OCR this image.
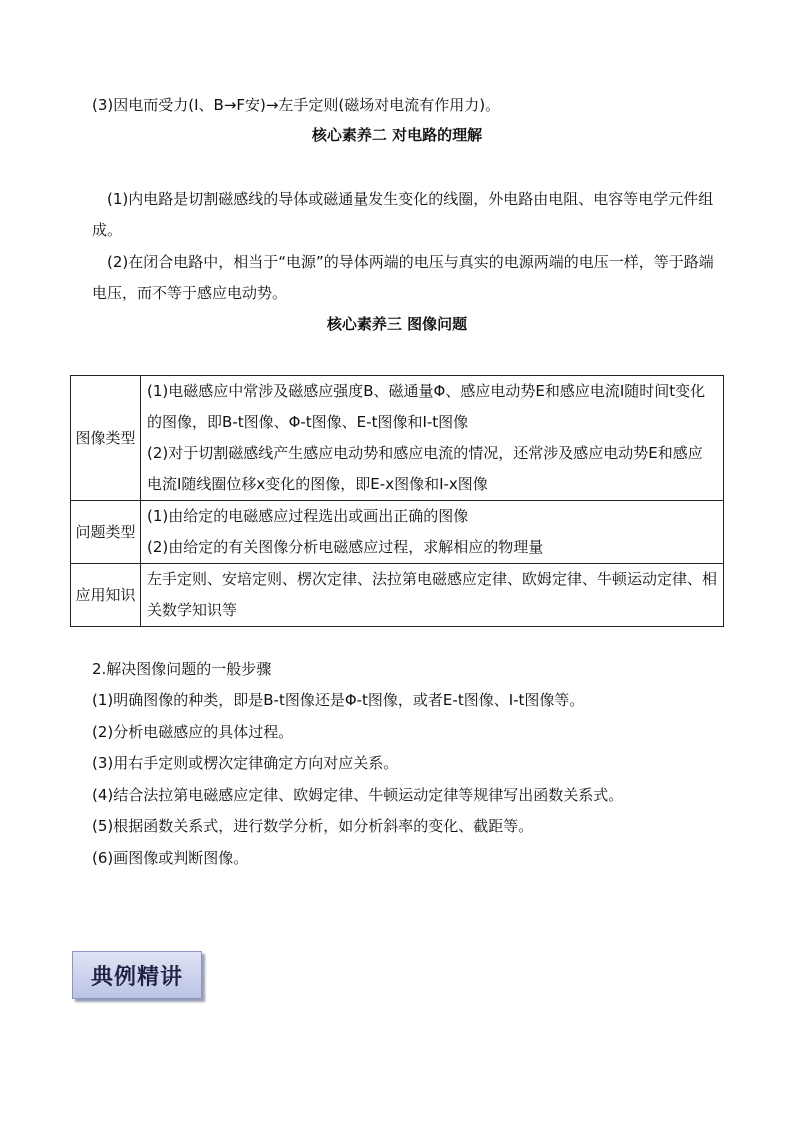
(3)因电而受力(I、B→F安)→左手定则(磁场对电流有作用力)。
核心素养二 对电路的理解
(1)内电路是切割磁感线的导体或磁通量发生变化的线圈，外电路由电阻、电容等电学元件组成。
(2)在闭合电路中，相当于“电源”的导体两端的电压与真实的电源两端的电压一样，等于路端电压，而不等于感应电动势。
核心素养三 图像问题
图像类型	(1)电磁感应中常涉及磁感应强度B、磁通量Φ、感应电动势E和感应电流I随时间t变化的图像，即B-t图像、Φ-t图像、E-t图像和I-t图像

(2)对于切割磁感线产生感应电动势和感应电流的情况，还常涉及感应电动势E和感应电流I随线圈位移x变化的图像，即E-x图像和I-x图像

问题类型	(1)由给定的电磁感应过程选出或画出正确的图像

(2)由给定的有关图像分析电磁感应过程，求解相应的物理量

应用知识	左手定则、安培定则、楞次定律、法拉第电磁感应定律、欧姆定律、牛顿运动定律、相关数学知识等

2.解决图像问题的一般步骤
(1)明确图像的种类，即是B-t图像还是Φ-t图像，或者E-t图像、I-t图像等。
(2)分析电磁感应的具体过程。
(3)用右手定则或楞次定律确定方向对应关系。
(4)结合法拉第电磁感应定律、欧姆定律、牛顿运动定律等规律写出函数关系式。
(5)根据函数关系式，进行数学分析，如分析斜率的变化、截距等。
(6)画图像或判断图像。
典例精讲
